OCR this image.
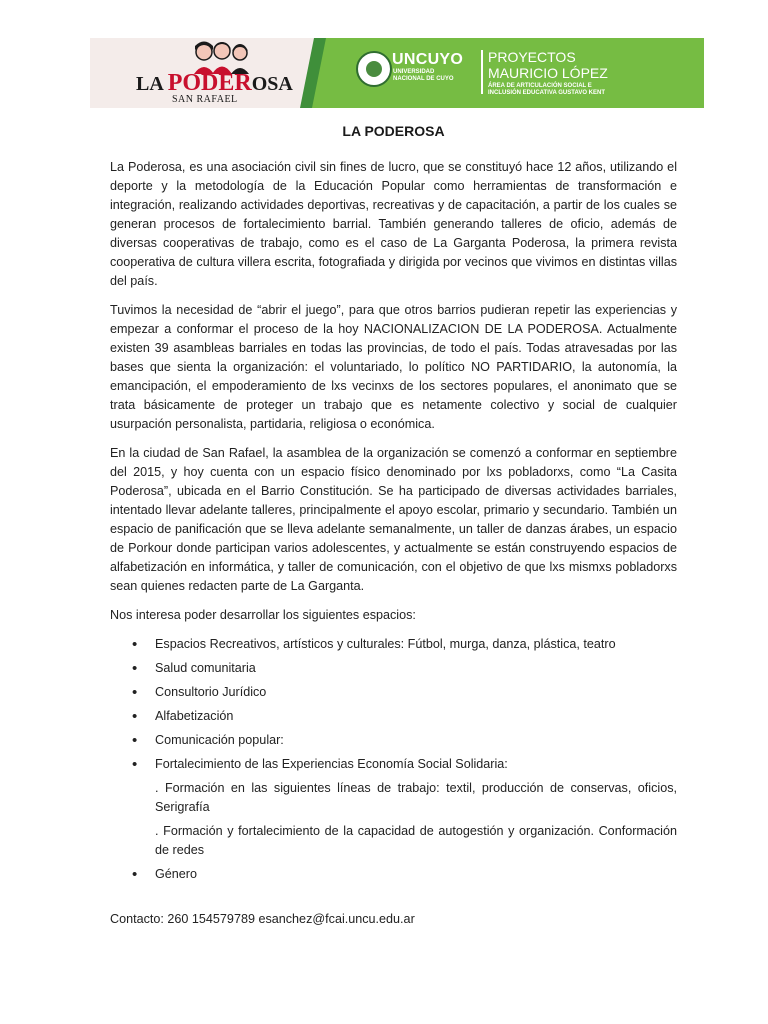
LA PODEROSA
SAN RAFAEL
UNCUYO
UNIVERSIDAD
NACIONAL DE CUYO
PROYECTOS
MAURICIO LÓPEZ
ÁREA DE ARTICULACIÓN SOCIAL E
INCLUSIÓN EDUCATIVA GUSTAVO KENT
LA PODEROSA

La Poderosa, es una asociación civil sin fines de lucro, que se constituyó hace 12 años, utilizando el deporte y la metodología de la Educación Popular como herramientas de transformación e integración, realizando actividades deportivas, recreativas y de capacitación, a partir de los cuales se generan procesos de fortalecimiento barrial. También generando talleres de oficio, además de diversas cooperativas de trabajo, como es el caso de La Garganta Poderosa, la primera revista cooperativa de cultura villera escrita, fotografiada y dirigida por vecinos que vivimos en distintas villas del país.

Tuvimos la necesidad de “abrir el juego”, para que otros barrios pudieran repetir las experiencias y empezar a conformar el proceso de la hoy NACIONALIZACION DE LA PODEROSA. Actualmente existen 39 asambleas barriales en todas las provincias, de todo el país. Todas atravesadas por las bases que sienta la organización: el voluntariado, lo político NO PARTIDARIO, la autonomía, la emancipación, el empoderamiento de lxs vecinxs de los sectores populares, el anonimato que se trata básicamente de proteger un trabajo que es netamente colectivo y social de cualquier usurpación personalista, partidaria, religiosa o económica.

En la ciudad de San Rafael, la asamblea de la organización se comenzó a conformar en septiembre del 2015, y hoy cuenta con un espacio físico denominado por lxs pobladorxs, como “La Casita Poderosa”, ubicada en el Barrio Constitución. Se ha participado de diversas actividades barriales, intentado llevar adelante talleres, principalmente el apoyo escolar, primario y secundario. También un espacio de panificación que se lleva adelante semanalmente, un taller de danzas árabes, un espacio de Porkour donde participan varios adolescentes, y actualmente se están construyendo espacios de alfabetización en informática, y taller de comunicación, con el objetivo de que lxs mismxs pobladorxs sean quienes redacten parte de La Garganta.

Nos interesa poder desarrollar los siguientes espacios:

• Espacios Recreativos, artísticos y culturales: Fútbol, murga, danza, plástica, teatro
• Salud comunitaria
• Consultorio Jurídico
• Alfabetización
• Comunicación popular:
• Fortalecimiento de las Experiencias Economía Social Solidaria:
. Formación en las siguientes líneas de trabajo: textil, producción de conservas, oficios, Serigrafía
. Formación y fortalecimiento de la capacidad de autogestión y organización. Conformación de redes
• Género
Contacto: 260 154579789 esanchez@fcai.uncu.edu.ar
